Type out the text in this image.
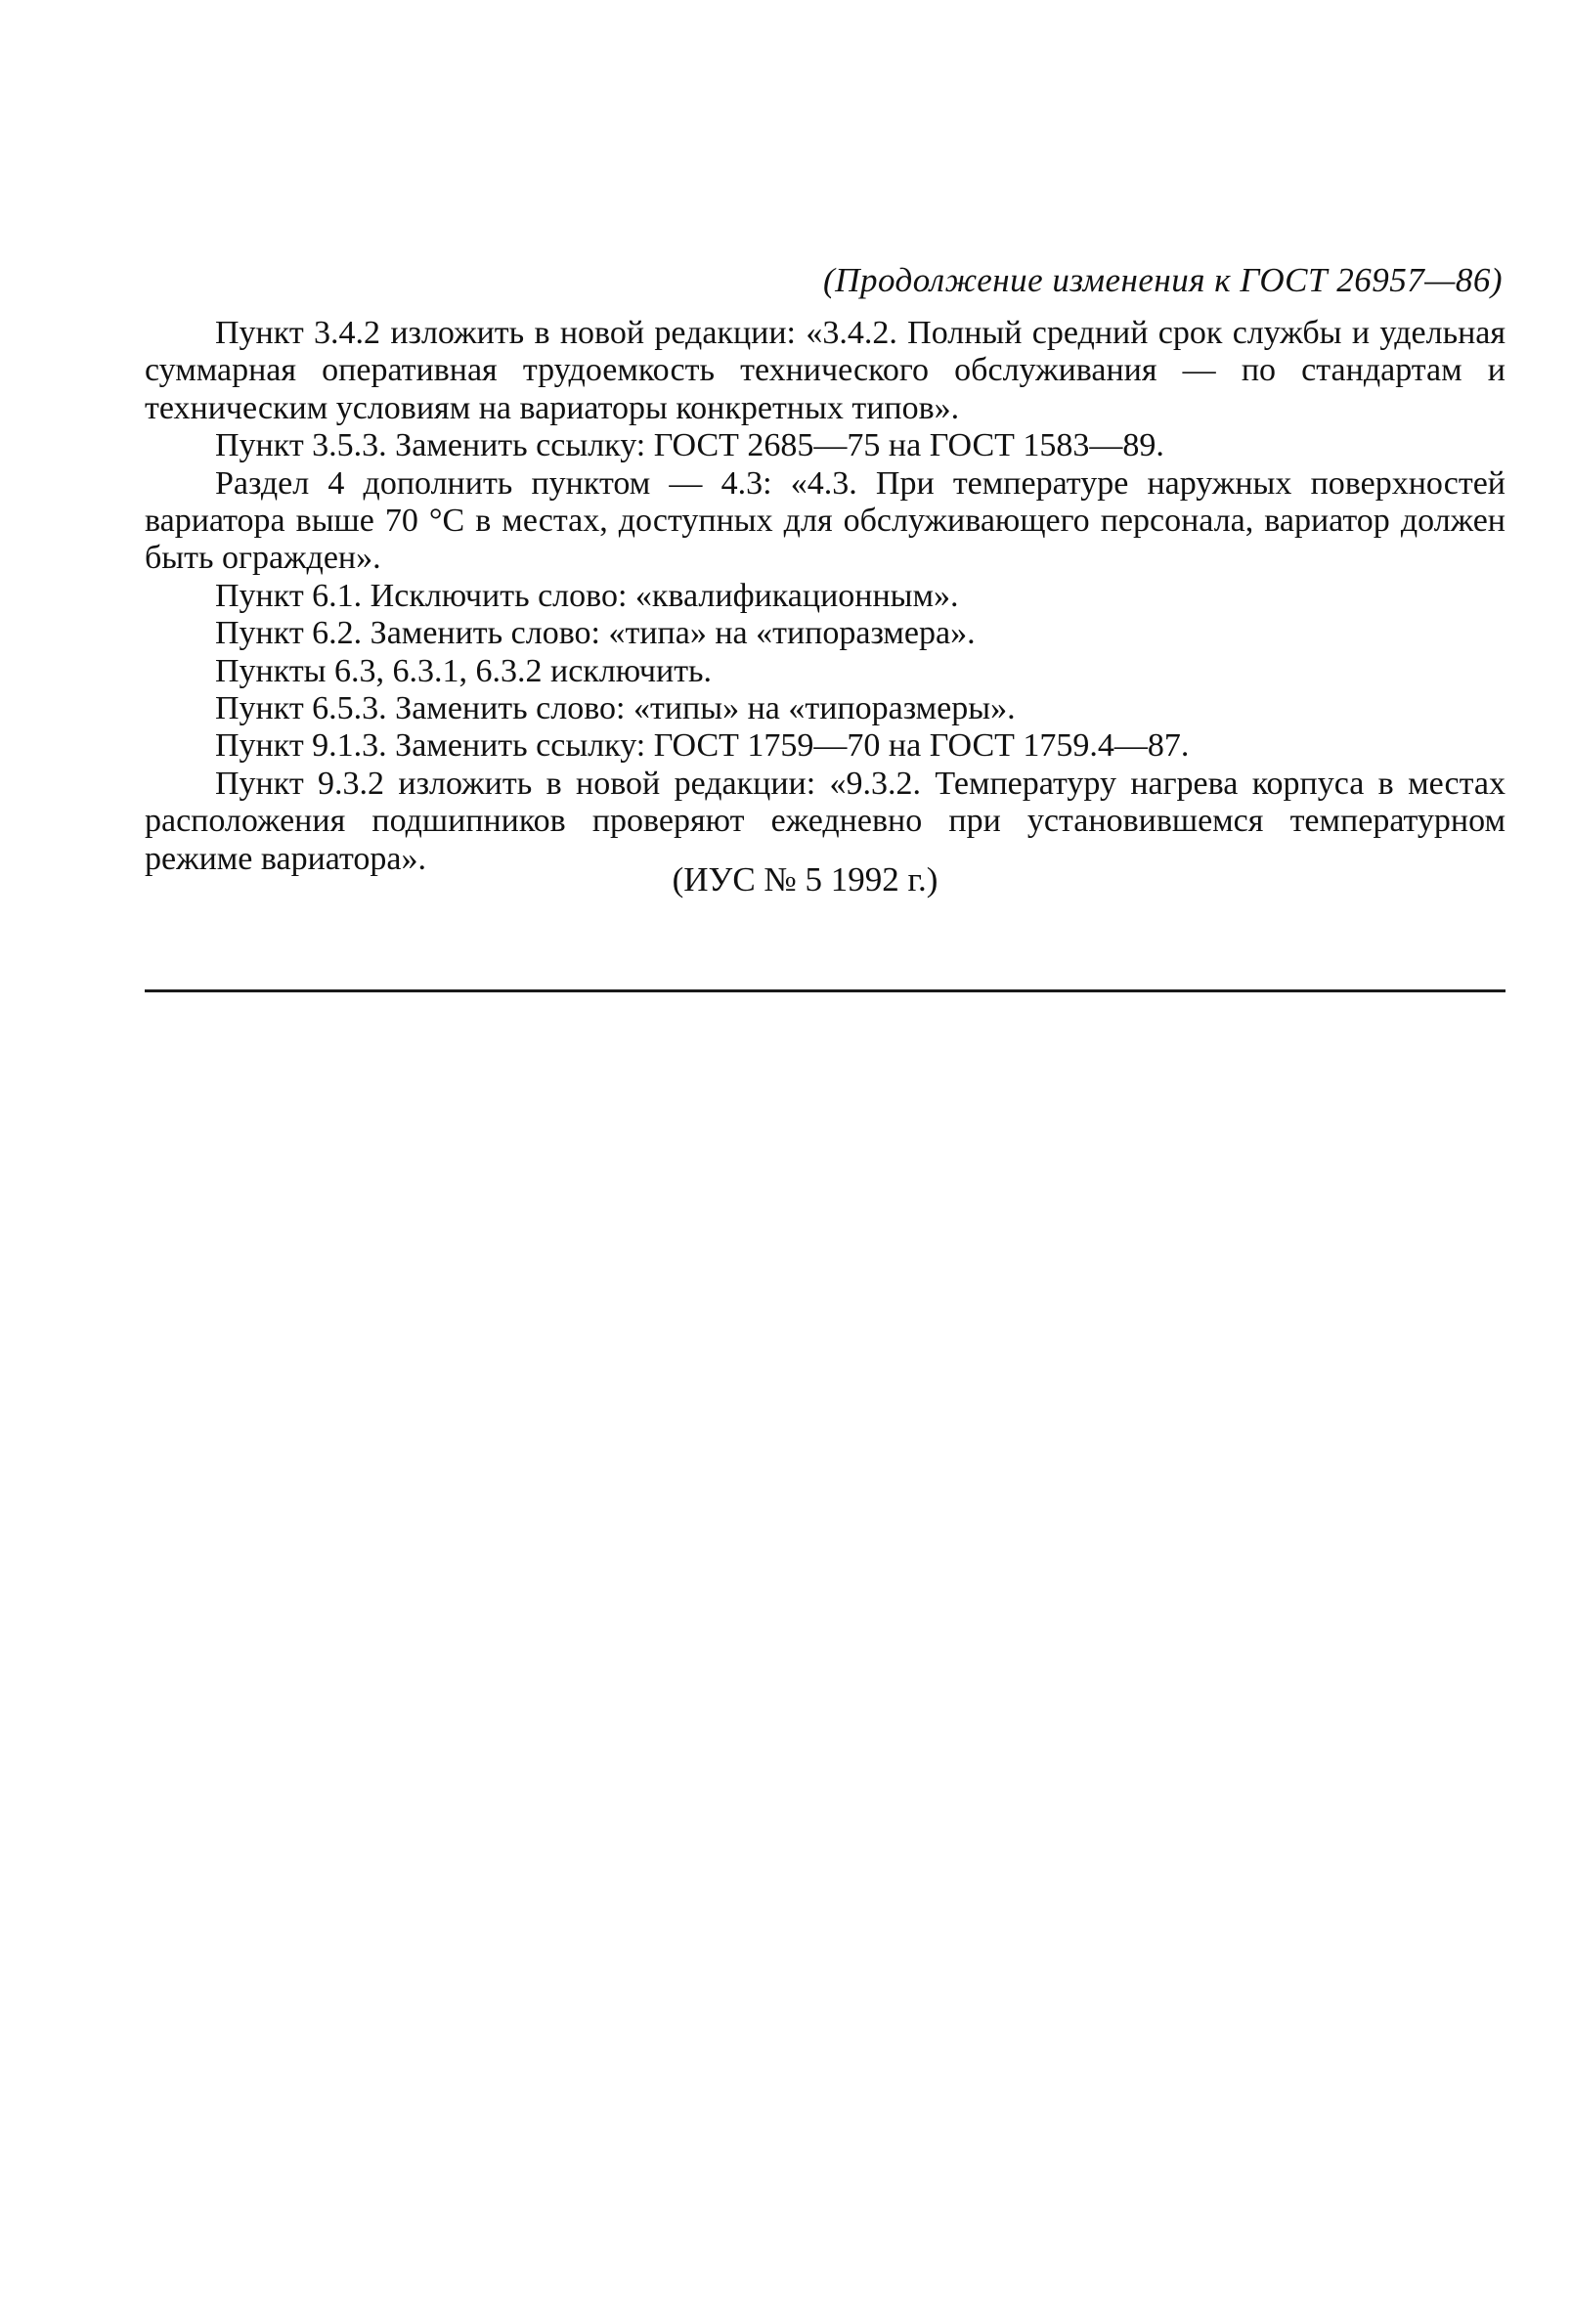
(Продолжение изменения к ГОСТ 26957—86)

Пункт 3.4.2 изложить в новой редакции: «3.4.2. Полный средний срок службы и удельная суммарная оперативная трудоемкость технического обслуживания — по стандартам и техническим условиям на вариаторы конкретных типов».

Пункт 3.5.3. Заменить ссылку: ГОСТ 2685—75 на ГОСТ 1583—89.

Раздел 4 дополнить пунктом — 4.3: «4.3. При температуре наружных поверхностей вариатора выше 70 °С в местах, доступных для обслуживающего персонала, вариатор должен быть огражден».

Пункт 6.1. Исключить слово: «квалификационным».

Пункт 6.2. Заменить слово: «типа» на «типоразмера».

Пункты 6.3, 6.3.1, 6.3.2 исключить.

Пункт 6.5.3. Заменить слово: «типы» на «типоразмеры».

Пункт 9.1.3. Заменить ссылку: ГОСТ 1759—70 на ГОСТ 1759.4—87.

Пункт 9.3.2 изложить в новой редакции: «9.3.2. Температуру нагрева корпуса в местах расположения подшипников проверяют ежедневно при установившемся температурном режиме вариатора».

(ИУС № 5 1992 г.)
